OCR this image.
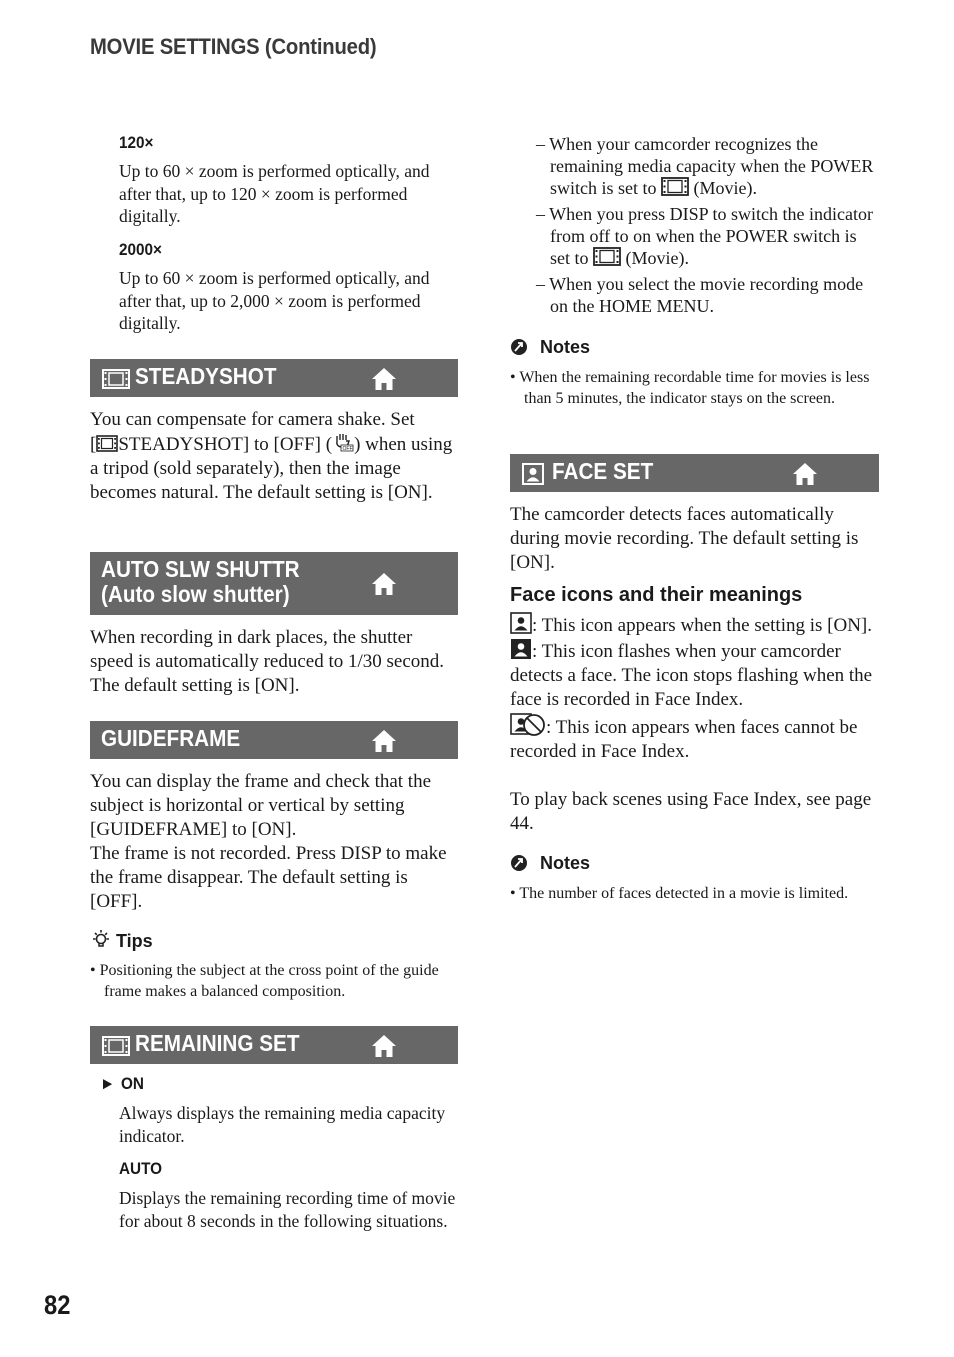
MOVIE SETTINGS (Continued)
120×
Up to 60 × zoom is performed optically, and after that, up to 120 × zoom is performed digitally.
2000×
Up to 60 × zoom is performed optically, and after that, up to 2,000 × zoom is performed digitally.
STEADYSHOT
You can compensate for camera shake. Set
[ STEADYSHOT] to [OFF] ( OFF ) when using a tripod (sold separately), then the image becomes natural. The default setting is [ON].
AUTO SLW SHUTTR
(Auto slow shutter)
When recording in dark places, the shutter speed is automatically reduced to 1/30 second. The default setting is [ON].
GUIDEFRAME
You can display the frame and check that the subject is horizontal or vertical by setting [GUIDEFRAME] to [ON].
The frame is not recorded. Press DISP to make the frame disappear. The default setting is [OFF].
Tips
• Positioning the subject at the cross point of the guide frame makes a balanced composition.
REMAINING SET
► ON
Always displays the remaining media capacity indicator.
AUTO
Displays the remaining recording time of movie for about 8 seconds in the following situations.
– When your camcorder recognizes the remaining media capacity when the POWER switch is set to (Movie).
– When you press DISP to switch the indicator from off to on when the POWER switch is set to (Movie).
– When you select the movie recording mode on the HOME MENU.
Notes
• When the remaining recordable time for movies is less than 5 minutes, the indicator stays on the screen.
FACE SET
The camcorder detects faces automatically during movie recording. The default setting is [ON].
Face icons and their meanings
: This icon appears when the setting is [ON].
: This icon flashes when your camcorder detects a face. The icon stops flashing when the face is recorded in Face Index.
: This icon appears when faces cannot be recorded in Face Index.
To play back scenes using Face Index, see page 44.
Notes
• The number of faces detected in a movie is limited.
82
